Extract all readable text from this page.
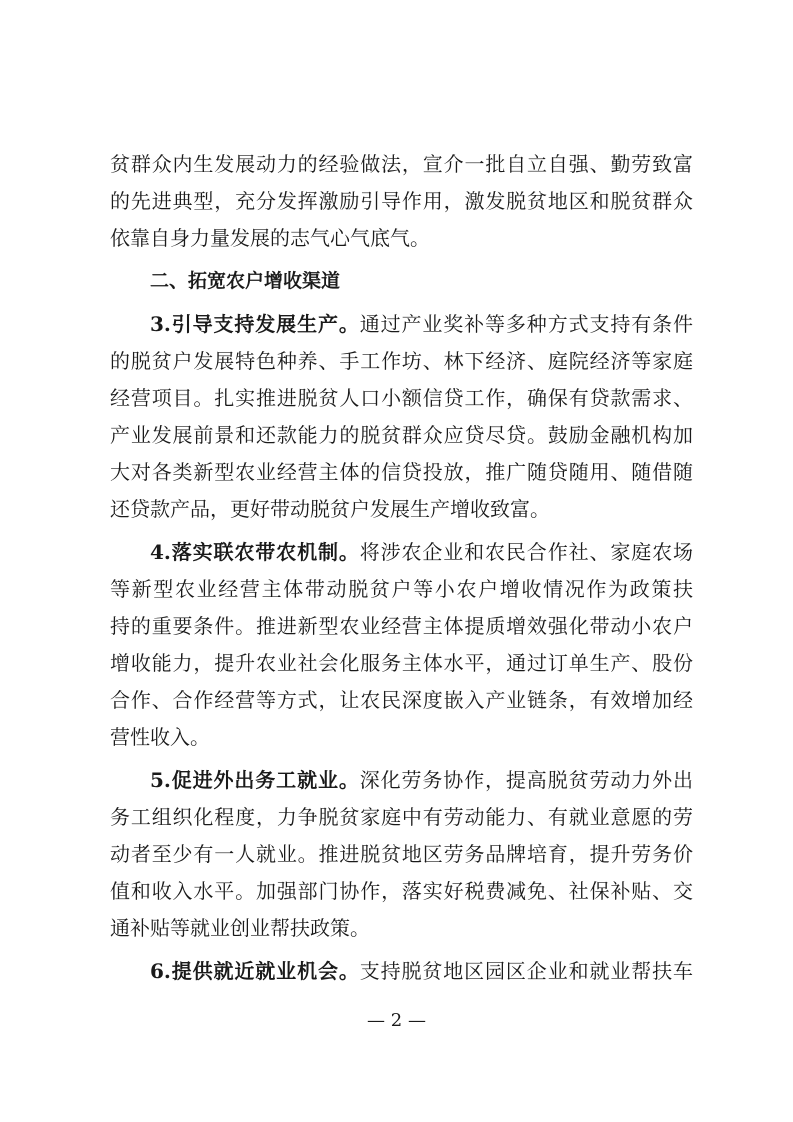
贫群众内生发展动力的经验做法，宣介一批自立自强、勤劳致富
的先进典型，充分发挥激励引导作用，激发脱贫地区和脱贫群众
依靠自身力量发展的志气心气底气。
二、拓宽农户增收渠道
3.引导支持发展生产。通过产业奖补等多种方式支持有条件
的脱贫户发展特色种养、手工作坊、林下经济、庭院经济等家庭
经营项目。扎实推进脱贫人口小额信贷工作，确保有贷款需求、
产业发展前景和还款能力的脱贫群众应贷尽贷。鼓励金融机构加
大对各类新型农业经营主体的信贷投放，推广随贷随用、随借随
还贷款产品，更好带动脱贫户发展生产增收致富。
4.落实联农带农机制。将涉农企业和农民合作社、家庭农场
等新型农业经营主体带动脱贫户等小农户增收情况作为政策扶
持的重要条件。推进新型农业经营主体提质增效强化带动小农户
增收能力，提升农业社会化服务主体水平，通过订单生产、股份
合作、合作经营等方式，让农民深度嵌入产业链条，有效增加经
营性收入。
5.促进外出务工就业。深化劳务协作，提高脱贫劳动力外出
务工组织化程度，力争脱贫家庭中有劳动能力、有就业意愿的劳
动者至少有一人就业。推进脱贫地区劳务品牌培育，提升劳务价
值和收入水平。加强部门协作，落实好税费减免、社保补贴、交
通补贴等就业创业帮扶政策。
6.提供就近就业机会。支持脱贫地区园区企业和就业帮扶车
— 2 —
